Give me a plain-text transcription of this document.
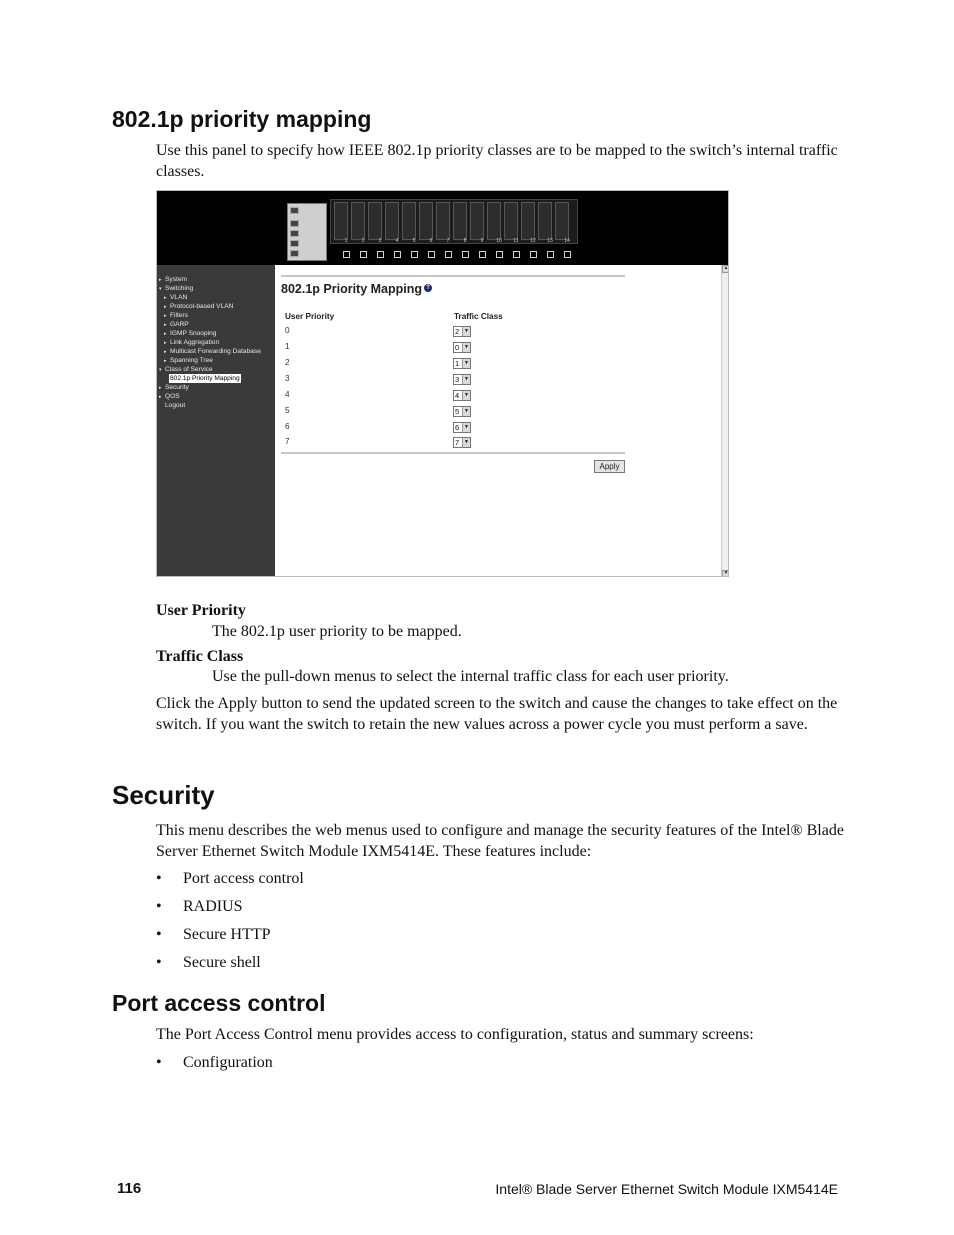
802.1p priority mapping
Use this panel to specify how IEEE 802.1p priority classes are to be mapped to the switch’s internal traffic classes.
1	2	3	4	5	6	7	8	9	10	11	12	13	14
▸ System
▾ Switching
▸ VLAN
▸ Protocol-based VLAN
▸ Filters
▸ GARP
▸ IGMP Snooping
▸ Link Aggregation
▸ Multicast Forwarding Database
▸ Spanning Tree
▾ Class of Service
802.1p Priority Mapping
▸ Security
▸ QOS
Logout
802.1p Priority Mapping ?
User Priority	Traffic Class
0	2 ▼
1	0 ▼
2	1 ▼
3	3 ▼
4	4 ▼
5	5 ▼
6	6 ▼
7	7 ▼
Apply
▲
▼
User Priority
The 802.1p user priority to be mapped.
Traffic Class
Use the pull-down menus to select the internal traffic class for each user priority.
Click the Apply button to send the updated screen to the switch and cause the changes to take effect on the switch. If you want the switch to retain the new values across a power cycle you must perform a save.
Security
This menu describes the web menus used to configure and manage the security features of the Intel® Blade Server Ethernet Switch Module IXM5414E. These features include:
• Port access control
• RADIUS
• Secure HTTP
• Secure shell
Port access control
The Port Access Control menu provides access to configuration, status and summary screens:
• Configuration
116	Intel® Blade Server Ethernet Switch Module IXM5414E
